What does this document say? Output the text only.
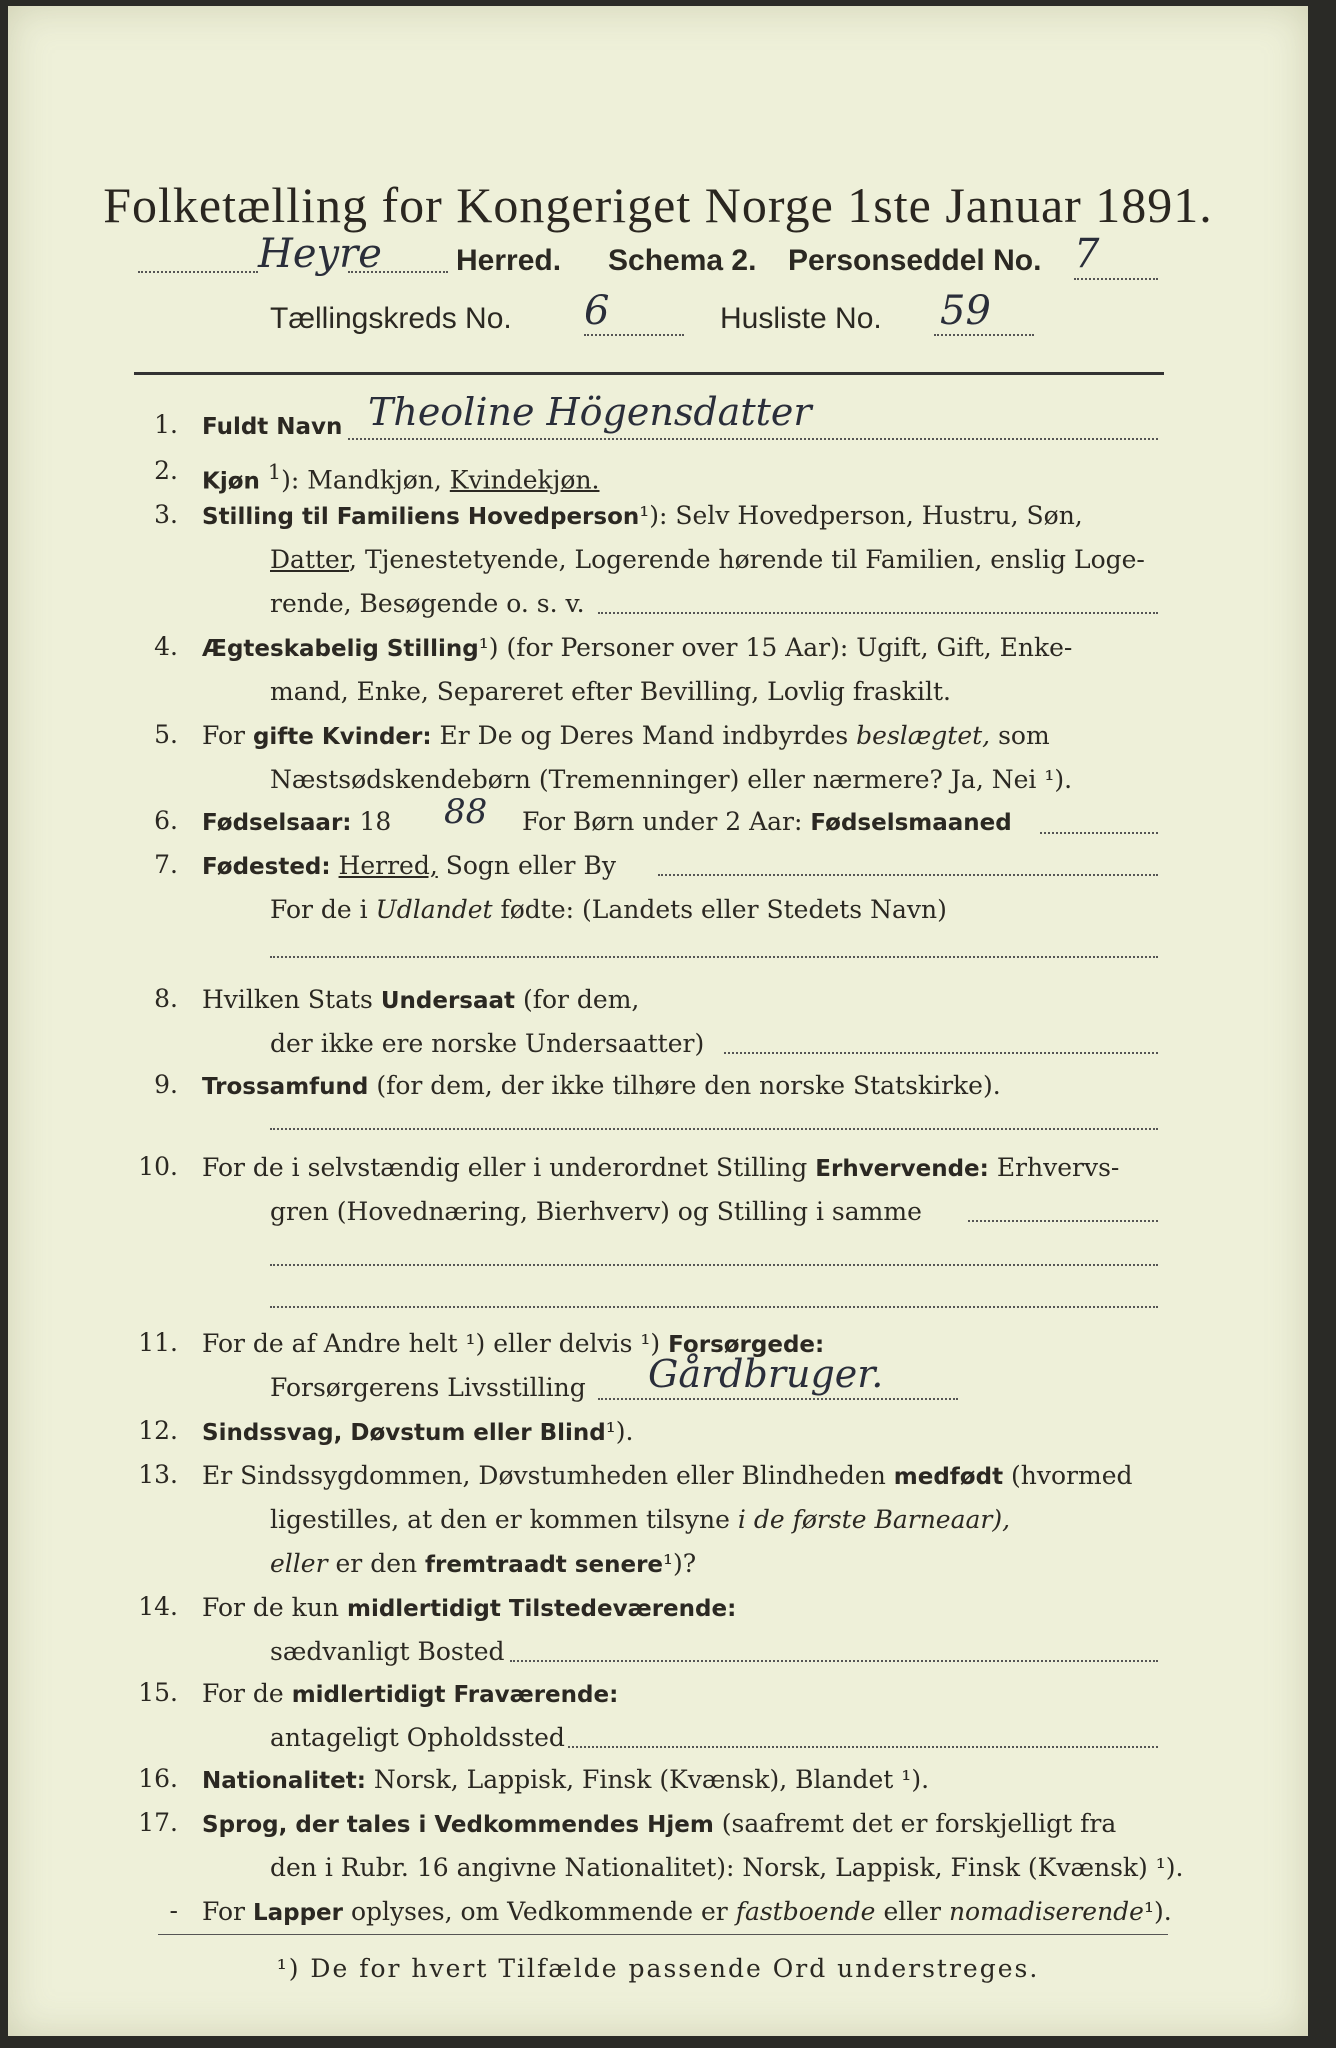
Folketælling for Kongeriget Norge 1ste Januar 1891.
Heyre Herred. Schema 2. Personseddel No. 7
Tællingskreds No. 6	Husliste No. 59
1. Fuldt Navn Theoline Högensdatter
2. Kjøn $^1$): Mandkjøn, Kvindekjøn.
3. Stilling til Familiens Hovedperson¹): Selv Hovedperson, Hustru, Søn,
Datter, Tjenestetyende, Logerende hørende til Familien, enslig Loge-
rende, Besøgende o. s. v.
4. Ægteskabelig Stilling¹) (for Personer over 15 Aar): Ugift, Gift, Enke-
mand, Enke, Separeret efter Bevilling, Lovlig fraskilt.
5. For gifte Kvinder: Er De og Deres Mand indbyrdes beslægtet, som
Næstsødskendebørn (Tremenninger) eller nærmere? Ja, Nei ¹).
6. Fødselsaar: 18 88 For Børn under 2 Aar: Fødselsmaaned
7. Fødested: Herred, Sogn eller By
For de i Udlandet fødte: (Landets eller Stedets Navn)
8. Hvilken Stats Undersaat (for dem,
der ikke ere norske Undersaatter)
9. Trossamfund (for dem, der ikke tilhøre den norske Statskirke).
10. For de i selvstændig eller i underordnet Stilling Erhvervende: Erhvervs-
gren (Hovednæring, Bierhverv) og Stilling i samme
11. For de af Andre helt ¹) eller delvis ¹) Forsørgede:
Forsørgerens Livsstilling Gårdbruger.
12. Sindssvag, Døvstum eller Blind¹).
13. Er Sindssygdommen, Døvstumheden eller Blindheden medfødt (hvormed
ligestilles, at den er kommen tilsyne i de første Barneaar),
eller er den fremtraadt senere¹)?
14. For de kun midlertidigt Tilstedeværende:
sædvanligt Bosted
15. For de midlertidigt Fraværende:
antageligt Opholdssted
16. Nationalitet: Norsk, Lappisk, Finsk (Kvænsk), Blandet ¹).
17. Sprog, der tales i Vedkommendes Hjem (saafremt det er forskjelligt fra
den i Rubr. 16 angivne Nationalitet): Norsk, Lappisk, Finsk (Kvænsk) ¹).
- For Lapper oplyses, om Vedkommende er fastboende eller nomadiserende¹).
¹) De for hvert Tilfælde passende Ord understreges.
